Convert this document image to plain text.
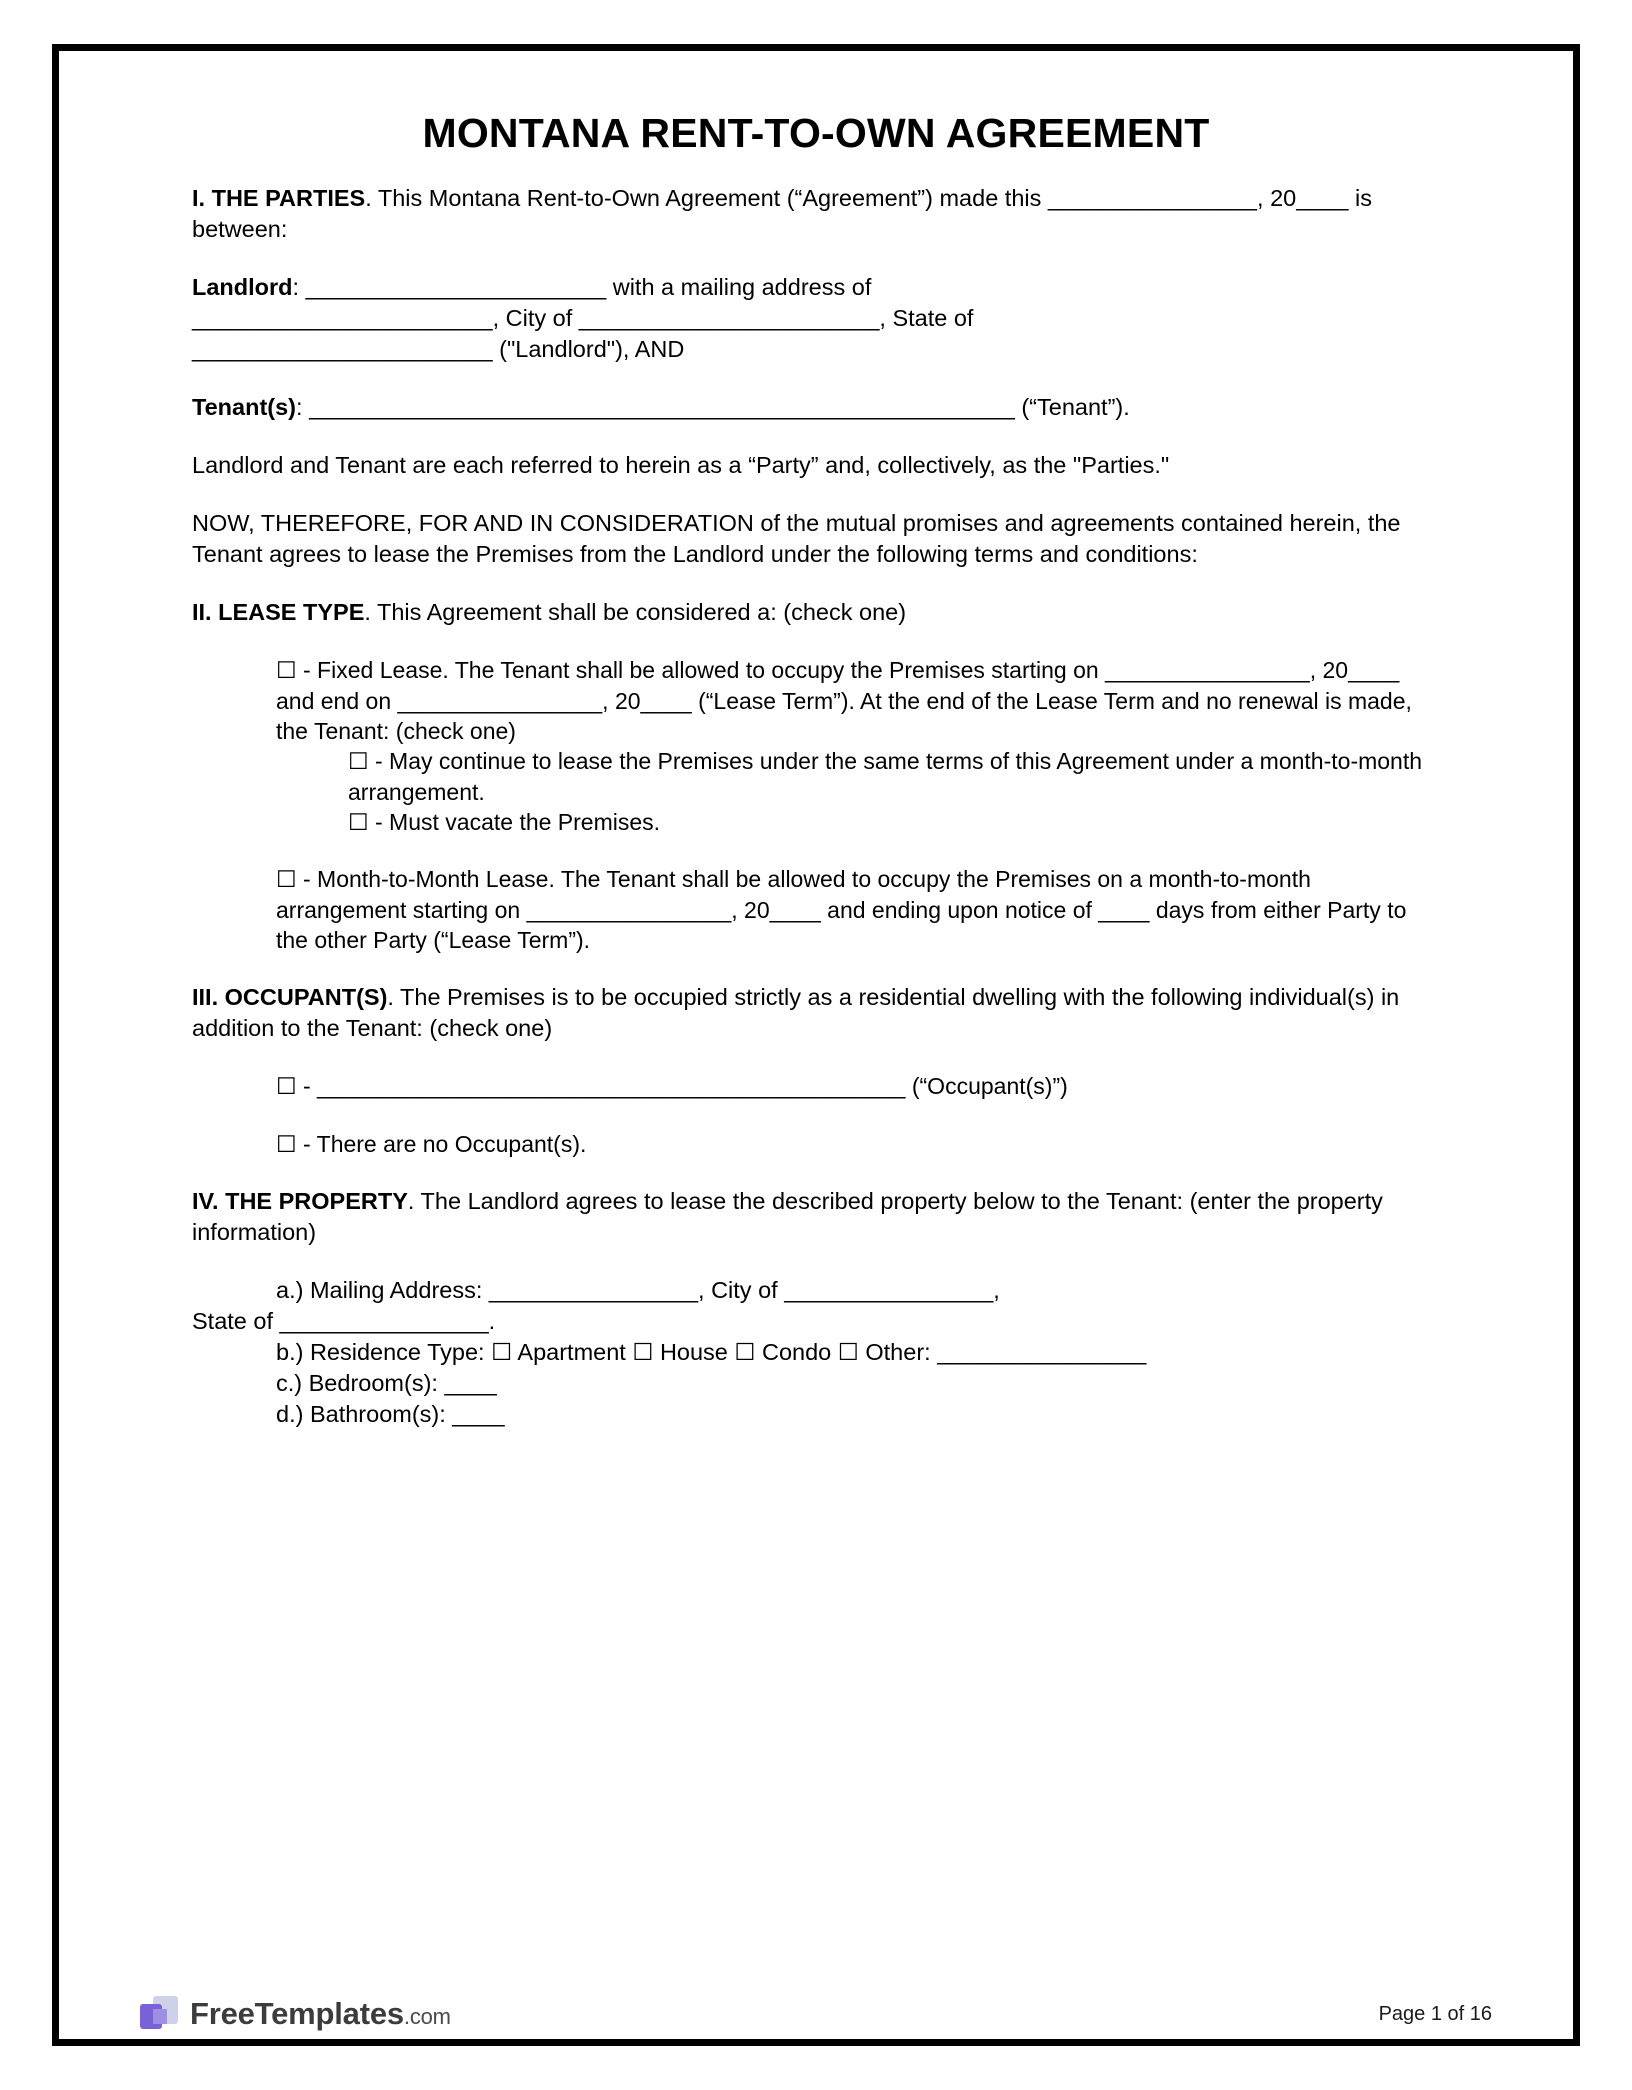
MONTANA RENT-TO-OWN AGREEMENT

I. THE PARTIES. This Montana Rent-to-Own Agreement (“Agreement”) made this ________________, 20____ is between:

Landlord: _______________________ with a mailing address of

_______________________, City of _______________________, State of

_______________________ ("Landlord"), AND

Tenant(s): ______________________________________________________ (“Tenant”).

Landlord and Tenant are each referred to herein as a “Party” and, collectively, as the "Parties."

NOW, THEREFORE, FOR AND IN CONSIDERATION of the mutual promises and agreements contained herein, the Tenant agrees to lease the Premises from the Landlord under the following terms and conditions:

II. LEASE TYPE. This Agreement shall be considered a: (check one)

☐ - Fixed Lease. The Tenant shall be allowed to occupy the Premises starting on ________________, 20____ and end on ________________, 20____ (“Lease Term”). At the end of the Lease Term and no renewal is made, the Tenant: (check one)

☐ - May continue to lease the Premises under the same terms of this Agreement under a month-to-month arrangement.

☐ - Must vacate the Premises.

☐ - Month-to-Month Lease. The Tenant shall be allowed to occupy the Premises on a month-to-month arrangement starting on ________________, 20____ and ending upon notice of ____ days from either Party to the other Party (“Lease Term”).

III. OCCUPANT(S). The Premises is to be occupied strictly as a residential dwelling with the following individual(s) in addition to the Tenant: (check one)

☐ - ______________________________________________ (“Occupant(s)”)

☐ - There are no Occupant(s).

IV. THE PROPERTY. The Landlord agrees to lease the described property below to the Tenant: (enter the property information)

a.) Mailing Address: ________________, City of ________________,

State of ________________.

b.) Residence Type: ☐ Apartment ☐ House ☐ Condo ☐ Other: ________________

c.) Bedroom(s): ____

d.) Bathroom(s): ____

FreeTemplates.com	Page 1 of 16
